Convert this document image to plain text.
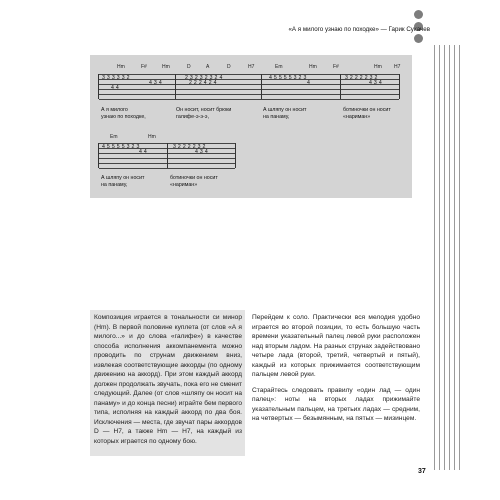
«А я милого узнаю по походке» — Гарик Сукачев
Hm	F#	Hm	D	A	D	H7	Em	Hm	F#	Hm H7
3 3 3 3 3 2
4 3 4
4 4
2 3 2 3 2 3 2 4
2 2 2 4 2 4
4 5 5 5 5 3 2 3
4
3 2 2 2 2 3 2
4 3 4
А я милого
узнаю по походке,
Он носит, носит брюки
галифе-э-э-э,
А шляпу он носит
на панаму,
ботиночки он носит
«нариман»
Em	Hm
4 5 5 5 5 3 2 3
4 4
3 2 2 2 2 3 2
4 3 4
А шляпу он носит
на панаму,
ботиночки он носит
«нариман»

Композиция играется в тональности си минор (Hm). В первой половине куплета (от слов «А я милого...» и до слова «галифе») в качестве способа исполнения аккомпанемента можно проводить по струнам движением вниз, извлекая соответствующие аккорды (по одному движению на аккорд). При этом каждый аккорд должен продолжать звучать, пока его не сменит следующий. Далее (от слов «шляпу он носит на панаму» и до конца песни) играйте бем первого типа, исполняя на каждый аккорд по два боя. Исключения — места, где звучат пары аккордов D — H7, а также Hm — H7, на каждый из которых играется по одному бою.

Перейдем к соло. Практически вся мелодия удобно играется во второй позиции, то есть большую часть времени указательный палец левой руки расположен над вторым ладом. На разных струнах задействовано четыре лада (второй, третий, четвертый и пятый), каждый из которых прижимается соответствующим пальцем левой руки.

Старайтесь следовать правилу «один лад — один палец»: ноты на вторых ладах прижимайте указательным пальцем, на третьих ладах — средним, на четвертых — безымянным, на пятых — мизинцем.

37
